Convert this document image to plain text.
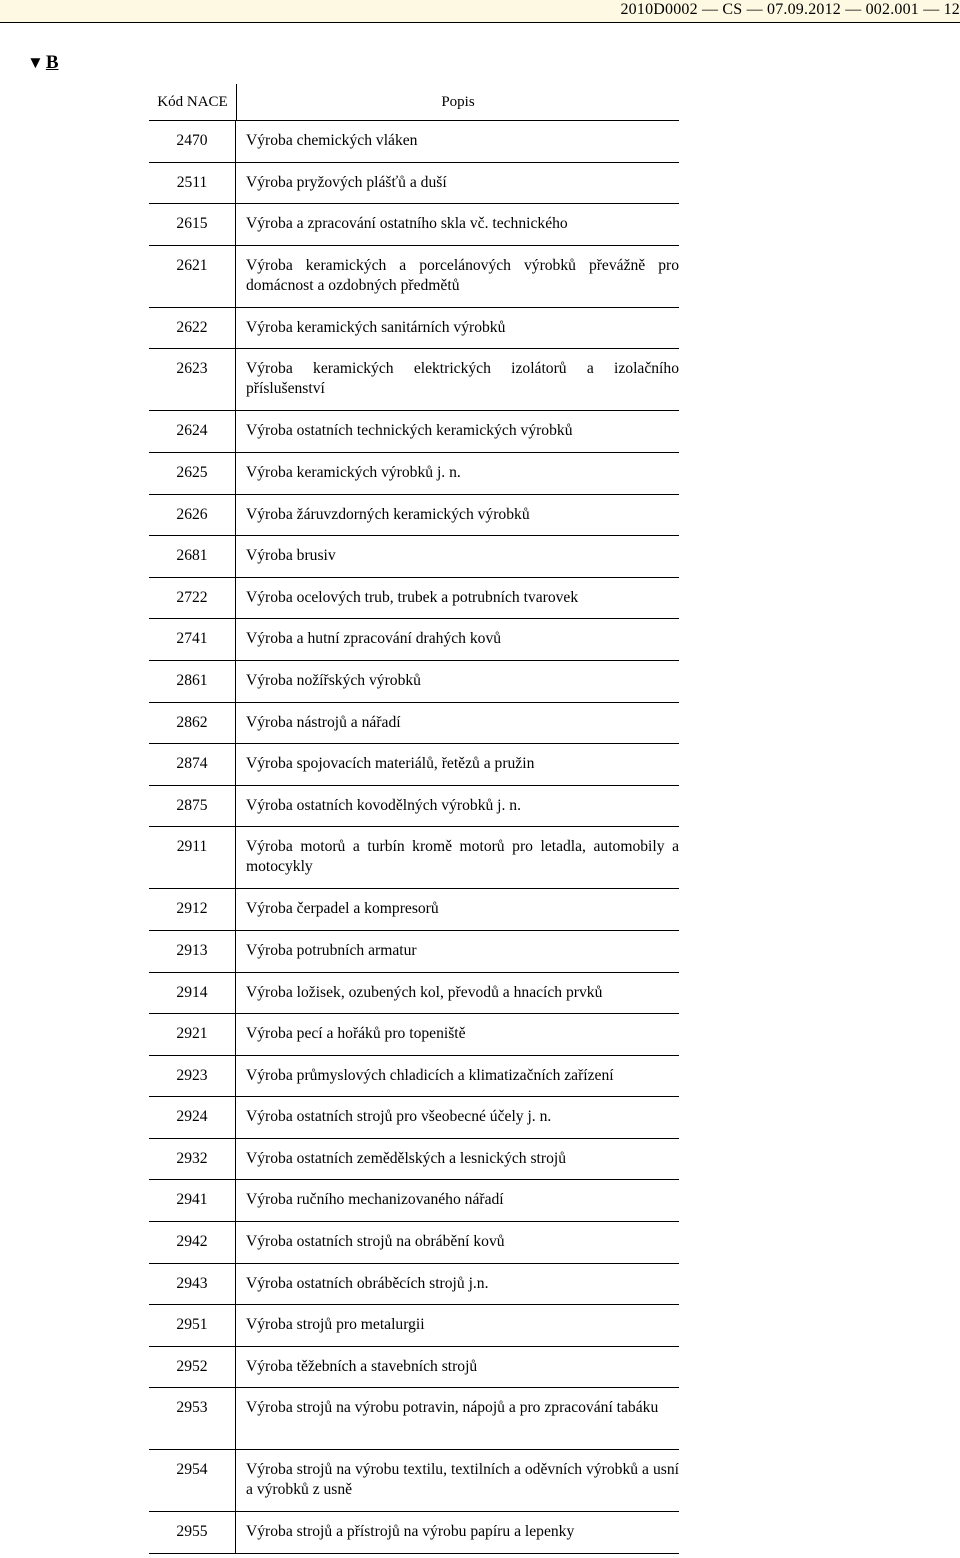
2010D0002 — CS — 07.09.2012 — 002.001 — 12
▼ B
Kód NACE	Popis
2470	Výroba chemických vláken
2511	Výroba pryžových plášťů a duší
2615	Výroba a zpracování ostatního skla vč. technického
2621	Výroba keramických a porcelánových výrobků převážně pro domácnost a ozdobných předmětů
2622	Výroba keramických sanitárních výrobků
2623	Výroba keramických elektrických izolátorů a izolačního příslušenství
2624	Výroba ostatních technických keramických výrobků
2625	Výroba keramických výrobků j. n.
2626	Výroba žáruvzdorných keramických výrobků
2681	Výroba brusiv
2722	Výroba ocelových trub, trubek a potrubních tvarovek
2741	Výroba a hutní zpracování drahých kovů
2861	Výroba nožířských výrobků
2862	Výroba nástrojů a nářadí
2874	Výroba spojovacích materiálů, řetězů a pružin
2875	Výroba ostatních kovodělných výrobků j. n.
2911	Výroba motorů a turbín kromě motorů pro letadla, automobily a motocykly
2912	Výroba čerpadel a kompresorů
2913	Výroba potrubních armatur
2914	Výroba ložisek, ozubených kol, převodů a hnacích prvků
2921	Výroba pecí a hořáků pro topeniště
2923	Výroba průmyslových chladicích a klimatizačních zařízení
2924	Výroba ostatních strojů pro všeobecné účely j. n.
2932	Výroba ostatních zemědělských a lesnických strojů
2941	Výroba ručního mechanizovaného nářadí
2942	Výroba ostatních strojů na obrábění kovů
2943	Výroba ostatních obráběcích strojů j.n.
2951	Výroba strojů pro metalurgii
2952	Výroba těžebních a stavebních strojů
2953	Výroba strojů na výrobu potravin, nápojů a pro zpracování tabáku
2954	Výroba strojů na výrobu textilu, textilních a oděvních výrobků a usní a výrobků z usně
2955	Výroba strojů a přístrojů na výrobu papíru a lepenky
